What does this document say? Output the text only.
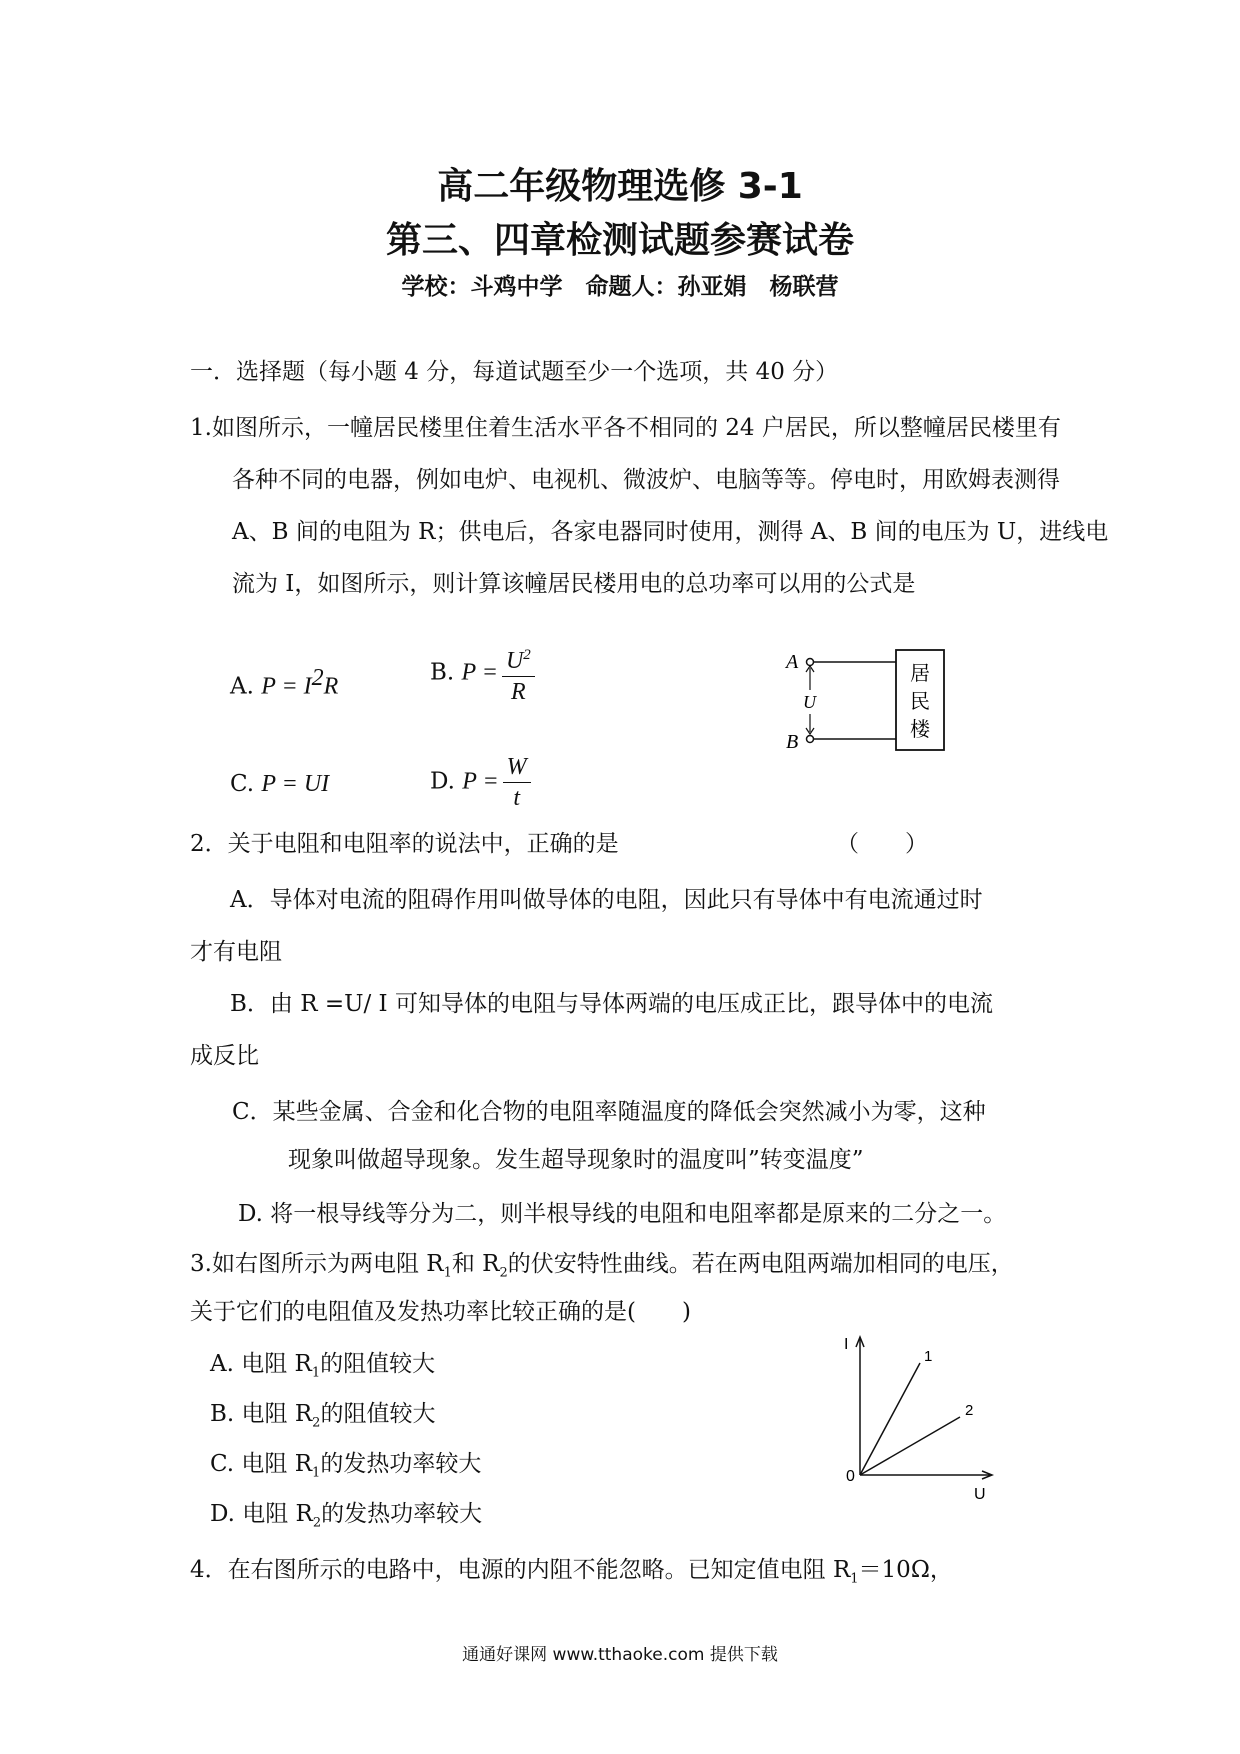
高二年级物理选修 3-1
第三、四章检测试题参赛试卷
学校：斗鸡中学　命题人：孙亚娟　杨联营
一．选择题（每小题 4 分，每道试题至少一个选项，共 40 分）
1.如图所示，一幢居民楼里住着生活水平各不相同的 24 户居民，所以整幢居民楼里有
各种不同的电器，例如电炉、电视机、微波炉、电脑等等。停电时，用欧姆表测得
A、B 间的电阻为 R；供电后，各家电器同时使用，测得 A、B 间的电压为 U，进线电
流为 I，如图所示，则计算该幢居民楼用电的总功率可以用的公式是
A. $P = I^2R$
B. $P = \frac{U^2}{R}$
C. P = UI	D. $P = \frac{W}{t}$
A
U
B
居
民
楼
2．关于电阻和电阻率的说法中，正确的是	（　　）
A．导体对电流的阻碍作用叫做导体的电阻，因此只有导体中有电流通过时
才有电阻
B．由 R =U/ I 可知导体的电阻与导体两端的电压成正比，跟导体中的电流
成反比
C．某些金属、合金和化合物的电阻率随温度的降低会突然减小为零，这种
现象叫做超导现象。发生超导现象时的温度叫”转变温度”
D. 将一根导线等分为二，则半根导线的电阻和电阻率都是原来的二分之一。
3.如右图所示为两电阻 $R_1$和 $R_2$的伏安特性曲线。若在两电阻两端加相同的电压，
关于它们的电阻值及发热功率比较正确的是(　　)
A. 电阻 $R_1$的阻值较大
B. 电阻 $R_2$的阻值较大
C. 电阻 $R_1$的发热功率较大
D. 电阻 $R_2$的发热功率较大
I
U
0
1
2
4．在右图所示的电路中，电源的内阻不能忽略。已知定值电阻 $R_1=10\Omega$，
通通好课网 www.tthaoke.com 提供下载
